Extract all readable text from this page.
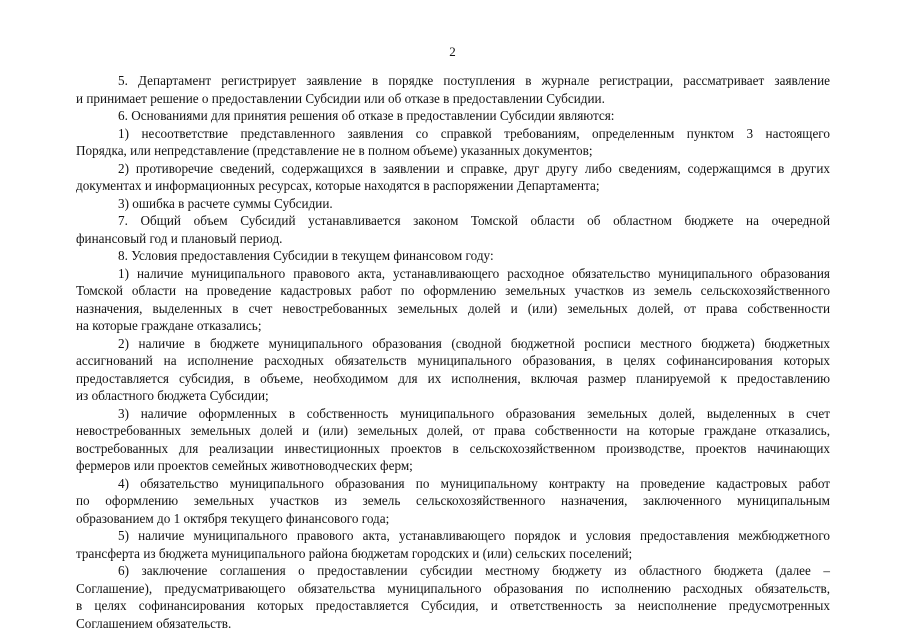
2

5. Департамент регистрирует заявление в порядке поступления в журнале регистрации, рассматривает заявление
и принимает решение о предоставлении Субсидии или об отказе в предоставлении Субсидии.

6. Основаниями для принятия решения об отказе в предоставлении Субсидии являются:

1) несоответствие представленного заявления со справкой требованиям, определенным пунктом 3 настоящего
Порядка, или непредставление (представление не в полном объеме) указанных документов;

2) противоречие сведений, содержащихся в заявлении и справке, друг другу либо сведениям, содержащимся в других
документах и информационных ресурсах, которые находятся в распоряжении Департамента;

3) ошибка в расчете суммы Субсидии.

7. Общий объем Субсидий устанавливается законом Томской области об областном бюджете на очередной
финансовый год и плановый период.

8. Условия предоставления Субсидии в текущем финансовом году:

1) наличие муниципального правового акта, устанавливающего расходное обязательство муниципального образования
Томской области на проведение кадастровых работ по оформлению земельных участков из земель сельскохозяйственного
назначения, выделенных в счет невостребованных земельных долей и (или) земельных долей, от права собственности
на которые граждане отказались;

2) наличие в бюджете муниципального образования (сводной бюджетной росписи местного бюджета) бюджетных
ассигнований на исполнение расходных обязательств муниципального образования, в целях софинансирования которых
предоставляется субсидия, в объеме, необходимом для их исполнения, включая размер планируемой к предоставлению
из областного бюджета Субсидии;

3) наличие оформленных в собственность муниципального образования земельных долей, выделенных в счет
невостребованных земельных долей и (или) земельных долей, от права собственности на которые граждане отказались,
востребованных для реализации инвестиционных проектов в сельскохозяйственном производстве, проектов начинающих
фермеров или проектов семейных животноводческих ферм;

4) обязательство муниципального образования по муниципальному контракту на проведение кадастровых работ
по оформлению земельных участков из земель сельскохозяйственного назначения, заключенного муниципальным
образованием до 1 октября текущего финансового года;

5) наличие муниципального правового акта, устанавливающего порядок и условия предоставления межбюджетного
трансферта из бюджета муниципального района бюджетам городских и (или) сельских поселений;

6) заключение соглашения о предоставлении субсидии местному бюджету из областного бюджета (далее –
Соглашение), предусматривающего обязательства муниципального образования по исполнению расходных обязательств,
в целях софинансирования которых предоставляется Субсидия, и ответственность за неисполнение предусмотренных
Соглашением обязательств.
